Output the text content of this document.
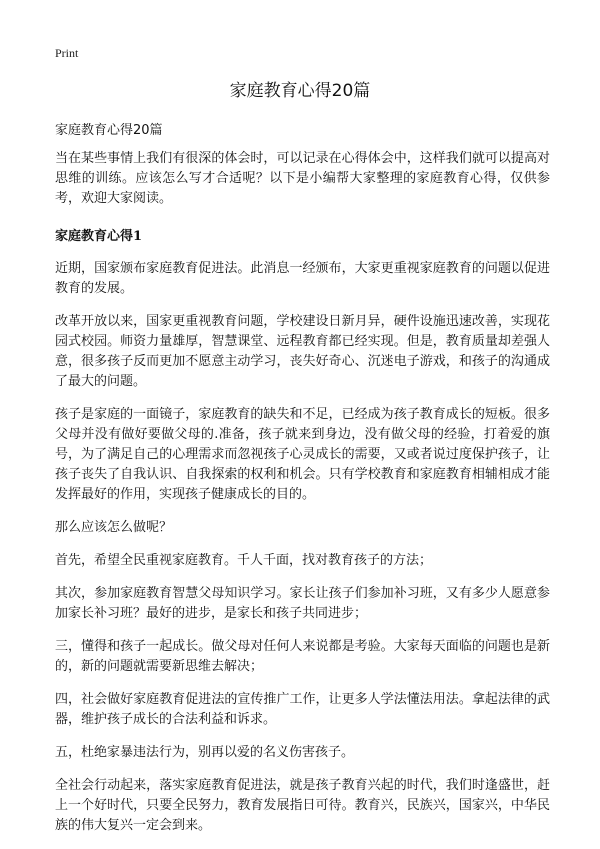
Print
家庭教育心得20篇

家庭教育心得20篇

当在某些事情上我们有很深的体会时，可以记录在心得体会中，这样我们就可以提高对思维的训练。应该怎么写才合适呢？以下是小编帮大家整理的家庭教育心得，仅供参考，欢迎大家阅读。

家庭教育心得1

近期，国家颁布家庭教育促进法。此消息一经颁布，大家更重视家庭教育的问题以促进教育的发展。

改革开放以来，国家更重视教育问题，学校建设日新月异，硬件设施迅速改善，实现花园式校园。师资力量雄厚，智慧课堂、远程教育都已经实现。但是，教育质量却差强人意，很多孩子反而更加不愿意主动学习，丧失好奇心、沉迷电子游戏，和孩子的沟通成了最大的问题。

孩子是家庭的一面镜子，家庭教育的缺失和不足，已经成为孩子教育成长的短板。很多父母并没有做好要做父母的.准备，孩子就来到身边，没有做父母的经验，打着爱的旗号，为了满足自己的心理需求而忽视孩子心灵成长的需要，又或者说过度保护孩子，让孩子丧失了自我认识、自我探索的权利和机会。只有学校教育和家庭教育相辅相成才能发挥最好的作用，实现孩子健康成长的目的。

那么应该怎么做呢？

首先，希望全民重视家庭教育。千人千面，找对教育孩子的方法；

其次，参加家庭教育智慧父母知识学习。家长让孩子们参加补习班，又有多少人愿意参加家长补习班？最好的进步，是家长和孩子共同进步；

三，懂得和孩子一起成长。做父母对任何人来说都是考验。大家每天面临的问题也是新的，新的问题就需要新思维去解决；

四，社会做好家庭教育促进法的宣传推广工作，让更多人学法懂法用法。拿起法律的武器，维护孩子成长的合法利益和诉求。

五，杜绝家暴违法行为，别再以爱的名义伤害孩子。

全社会行动起来，落实家庭教育促进法，就是孩子教育兴起的时代，我们时逢盛世，赶上一个好时代，只要全民努力，教育发展指日可待。教育兴，民族兴，国家兴，中华民族的伟大复兴一定会到来。
